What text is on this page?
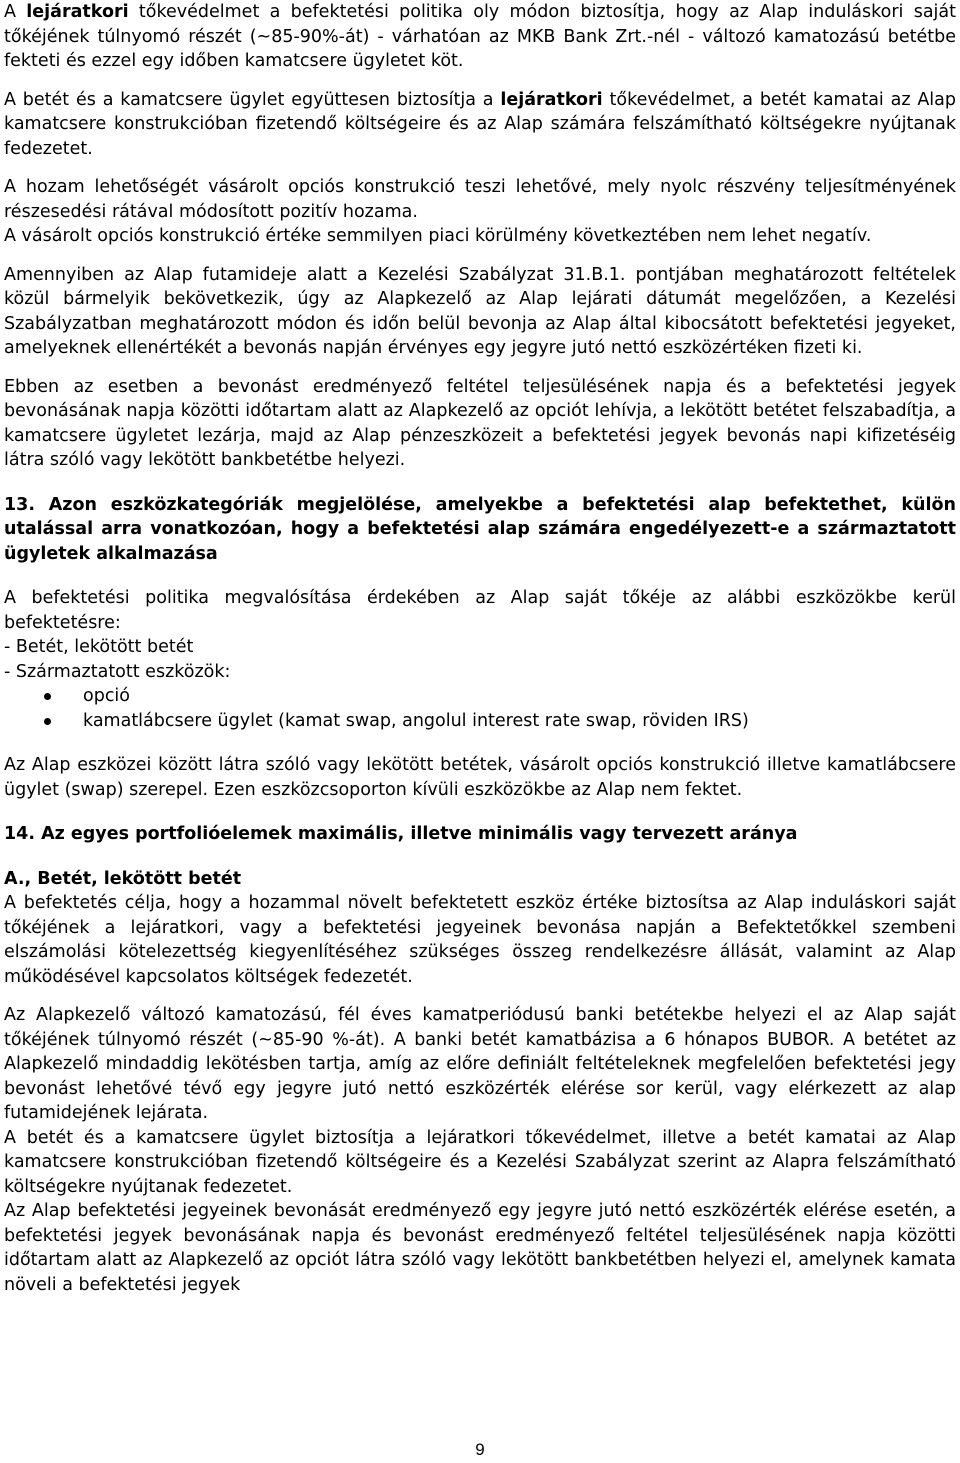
A lejáratkori tőkevédelmet a befektetési politika oly módon biztosítja, hogy az Alap induláskori saját tőkéjének túlnyomó részét (~85-90%-át) - várhatóan az MKB Bank Zrt.-nél - változó kamatozású betétbe fekteti és ezzel egy időben kamatcsere ügyletet köt.

A betét és a kamatcsere ügylet együttesen biztosítja a lejáratkori tőkevédelmet, a betét kamatai az Alap kamatcsere konstrukcióban fizetendő költségeire és az Alap számára felszámítható költségekre nyújtanak fedezetet.

A hozam lehetőségét vásárolt opciós konstrukció teszi lehetővé, mely nyolc részvény teljesítményének részesedési rátával módosított pozitív hozama.

A vásárolt opciós konstrukció értéke semmilyen piaci körülmény következtében nem lehet negatív.

Amennyiben az Alap futamideje alatt a Kezelési Szabályzat 31.B.1. pontjában meghatározott feltételek közül bármelyik bekövetkezik, úgy az Alapkezelő az Alap lejárati dátumát megelőzően, a Kezelési Szabályzatban meghatározott módon és időn belül bevonja az Alap által kibocsátott befektetési jegyeket, amelyeknek ellenértékét a bevonás napján érvényes egy jegyre jutó nettó eszközértéken fizeti ki.

Ebben az esetben a bevonást eredményező feltétel teljesülésének napja és a befektetési jegyek bevonásának napja közötti időtartam alatt az Alapkezelő az opciót lehívja, a lekötött betétet felszabadítja, a kamatcsere ügyletet lezárja, majd az Alap pénzeszközeit a befektetési jegyek bevonás napi kifizetéséig látra szóló vagy lekötött bankbetétbe helyezi.

13. Azon eszközkategóriák megjelölése, amelyekbe a befektetési alap befektethet, külön utalással arra vonatkozóan, hogy a befektetési alap számára engedélyezett-e a származtatott ügyletek alkalmazása

A befektetési politika megvalósítása érdekében az Alap saját tőkéje az alábbi eszközökbe kerül befektetésre:

- Betét, lekötött betét

- Származtatott eszközök:

opció
kamatlábcsere ügylet (kamat swap, angolul interest rate swap, röviden IRS)

Az Alap eszközei között látra szóló vagy lekötött betétek, vásárolt opciós konstrukció illetve kamatlábcsere ügylet (swap) szerepel. Ezen eszközcsoporton kívüli eszközökbe az Alap nem fektet.

14. Az egyes portfolióelemek maximális, illetve minimális vagy tervezett aránya
A., Betét, lekötött betét

A befektetés célja, hogy a hozammal növelt befektetett eszköz értéke biztosítsa az Alap induláskori saját tőkéjének a lejáratkori, vagy a befektetési jegyeinek bevonása napján a Befektetőkkel szembeni elszámolási kötelezettség kiegyenlítéséhez szükséges összeg rendelkezésre állását, valamint az Alap működésével kapcsolatos költségek fedezetét.

Az Alapkezelő változó kamatozású, fél éves kamatperiódusú banki betétekbe helyezi el az Alap saját tőkéjének túlnyomó részét (~85-90 %-át). A banki betét kamatbázisa a 6 hónapos BUBOR. A betétet az Alapkezelő mindaddig lekötésben tartja, amíg az előre definiált feltételeknek megfelelően befektetési jegy bevonást lehetővé tévő egy jegyre jutó nettó eszközérték elérése sor kerül, vagy elérkezett az alap futamidejének lejárata.

A betét és a kamatcsere ügylet biztosítja a lejáratkori tőkevédelmet, illetve a betét kamatai az Alap kamatcsere konstrukcióban fizetendő költségeire és a Kezelési Szabályzat szerint az Alapra felszámítható költségekre nyújtanak fedezetet.

Az Alap befektetési jegyeinek bevonását eredményező egy jegyre jutó nettó eszközérték elérése esetén, a befektetési jegyek bevonásának napja és bevonást eredményező feltétel teljesülésének napja közötti időtartam alatt az Alapkezelő az opciót látra szóló vagy lekötött bankbetétben helyezi el, amelynek kamata növeli a befektetési jegyek

9
